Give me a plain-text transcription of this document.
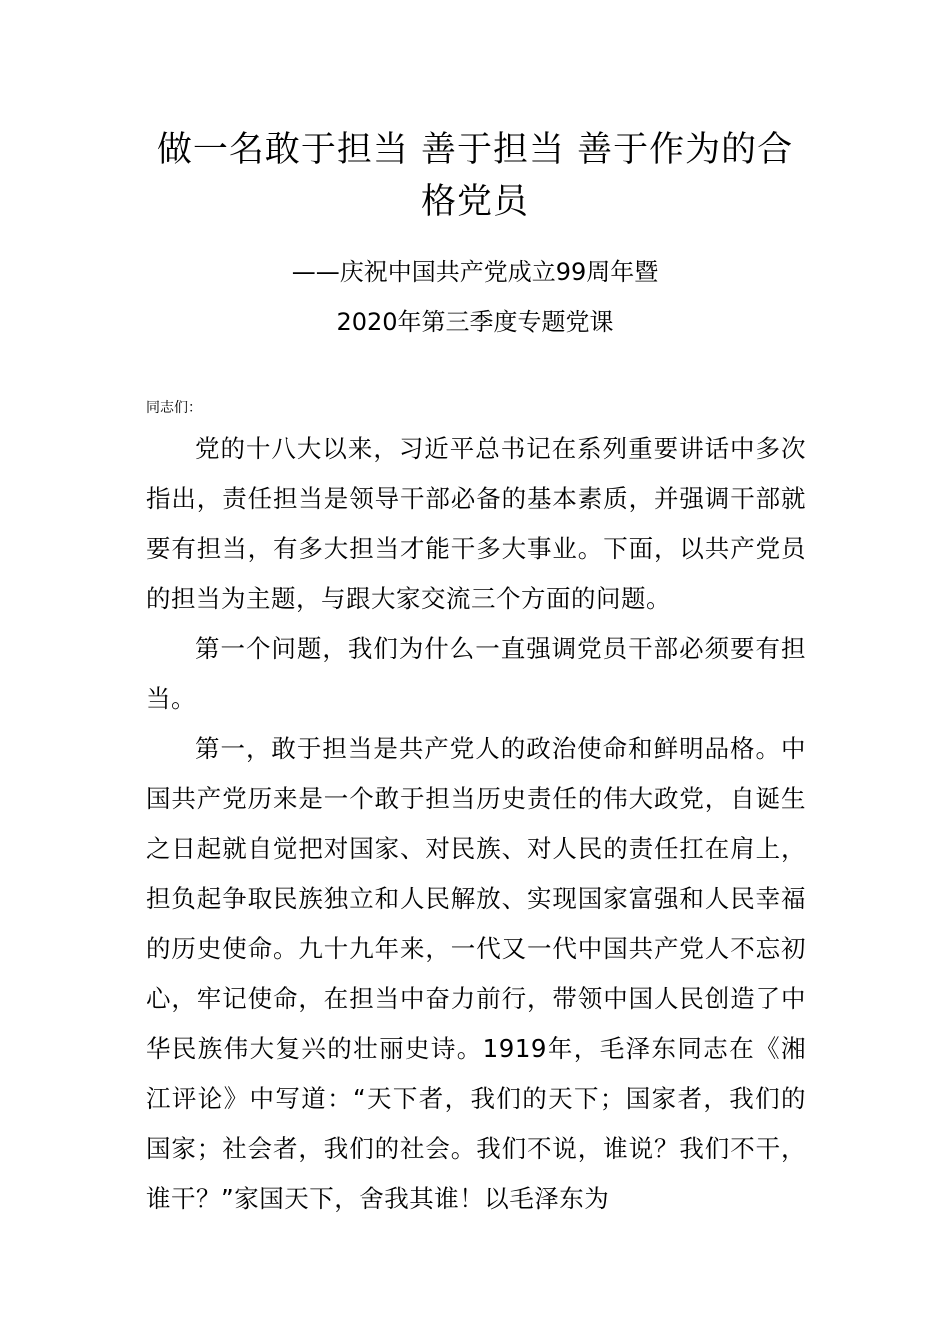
做一名敢于担当 善于担当 善于作为的合
格党员
——庆祝中国共产党成立99周年暨
2020年第三季度专题党课
同志们：

党的十八大以来，习近平总书记在系列重要讲话中多次指出，责任担当是领导干部必备的基本素质，并强调干部就要有担当，有多大担当才能干多大事业。下面，以共产党员的担当为主题，与跟大家交流三个方面的问题。

第一个问题，我们为什么一直强调党员干部必须要有担当。

第一，敢于担当是共产党人的政治使命和鲜明品格。中国共产党历来是一个敢于担当历史责任的伟大政党，自诞生之日起就自觉把对国家、对民族、对人民的责任扛在肩上，担负起争取民族独立和人民解放、实现国家富强和人民幸福的历史使命。九十九年来，一代又一代中国共产党人不忘初心，牢记使命，在担当中奋力前行，带领中国人民创造了中华民族伟大复兴的壮丽史诗。1919年，毛泽东同志在《湘江评论》中写道：“天下者，我们的天下；国家者，我们的国家；社会者，我们的社会。我们不说，谁说？我们不干，谁干？”家国天下，舍我其谁！以毛泽东为
